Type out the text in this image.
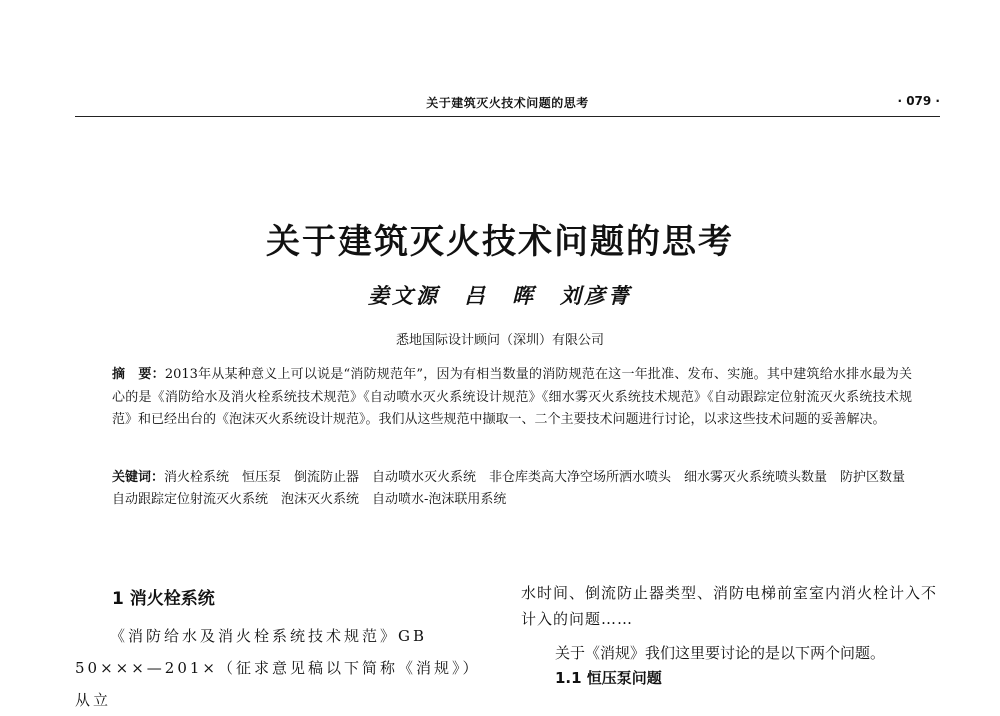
关于建筑灭火技术问题的思考	· 079 ·
关于建筑灭火技术问题的思考
姜文源　吕　晖　刘彦菁
悉地国际设计顾问（深圳）有限公司
摘　要：2013年从某种意义上可以说是“消防规范年”，因为有相当数量的消防规范在这一年批准、发布、实施。其中建筑给水排水最为关心的是《消防给水及消火栓系统技术规范》《自动喷水灭火系统设计规范》《细水雾灭火系统技术规范》《自动跟踪定位射流灭火系统技术规范》和已经出台的《泡沫灭火系统设计规范》。我们从这些规范中撷取一、二个主要技术问题进行讨论，以求这些技术问题的妥善解决。
关键词：消火栓系统　恒压泵　倒流防止器　自动喷水灭火系统　非仓库类高大净空场所洒水喷头　细水雾灭火系统喷头数量　防护区数量　自动跟踪定位射流灭火系统　泡沫灭火系统　自动喷水-泡沫联用系统
1 消火栓系统
《消防给水及消火栓系统技术规范》GB 50×××—201×（征求意见稿以下简称《消规》）从立
水时间、倒流防止器类型、消防电梯前室室内消火栓计入不计入的问题……
关于《消规》我们这里要讨论的是以下两个问题。
1.1 恒压泵问题
